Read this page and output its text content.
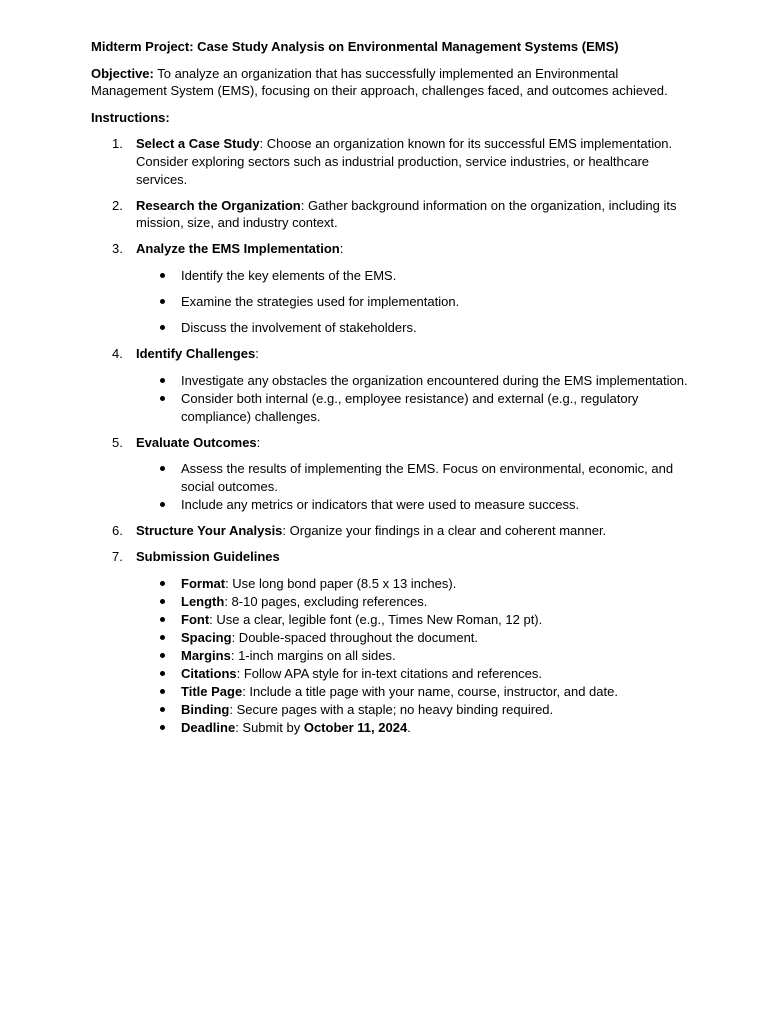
Midterm Project: Case Study Analysis on Environmental Management Systems (EMS)

Objective: To analyze an organization that has successfully implemented an Environmental Management System (EMS), focusing on their approach, challenges faced, and outcomes achieved.

Instructions:

1. Select a Case Study: Choose an organization known for its successful EMS implementation. Consider exploring sectors such as industrial production, service industries, or healthcare services.
2. Research the Organization: Gather background information on the organization, including its mission, size, and industry context.
3. Analyze the EMS Implementation:
Identify the key elements of the EMS.
Examine the strategies used for implementation.
Discuss the involvement of stakeholders.
4. Identify Challenges:
Investigate any obstacles the organization encountered during the EMS implementation.
Consider both internal (e.g., employee resistance) and external (e.g., regulatory compliance) challenges.
5. Evaluate Outcomes:
Assess the results of implementing the EMS. Focus on environmental, economic, and social outcomes.
Include any metrics or indicators that were used to measure success.
6. Structure Your Analysis: Organize your findings in a clear and coherent manner.
7. Submission Guidelines
Format: Use long bond paper (8.5 x 13 inches).
Length: 8-10 pages, excluding references.
Font: Use a clear, legible font (e.g., Times New Roman, 12 pt).
Spacing: Double-spaced throughout the document.
Margins: 1-inch margins on all sides.
Citations: Follow APA style for in-text citations and references.
Title Page: Include a title page with your name, course, instructor, and date.
Binding: Secure pages with a staple; no heavy binding required.
Deadline: Submit by October 11, 2024.
